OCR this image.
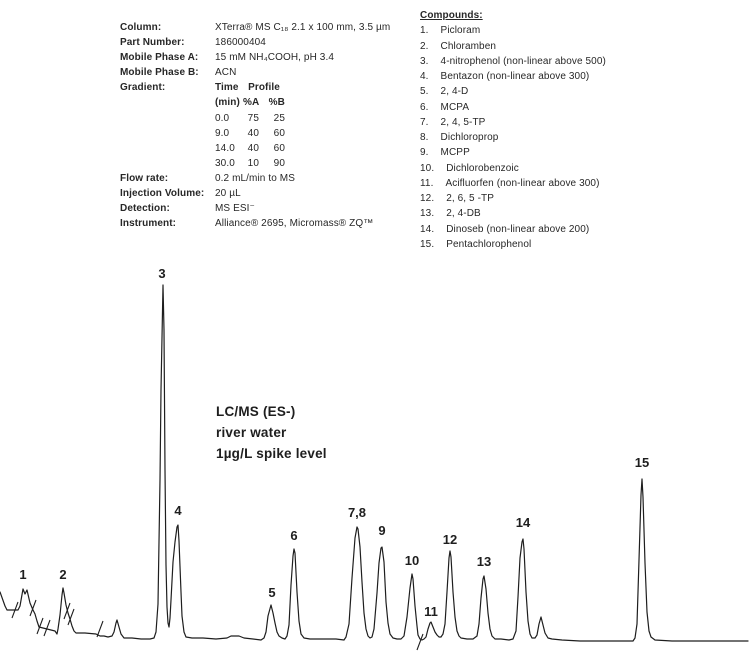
Column:	XTerra® MS C₁₈ 2.1 x 100 mm, 3.5 µm
Part Number:	186000404
Mobile Phase A:	15 mM NH₄COOH, pH 3.4
Mobile Phase B:	ACN
Gradient:	Time Profile
(min) %A %B
0.0	75	25
9.0	40	60
14.0	40	60
30.0	10	90
Flow rate:	0.2 mL/min to MS
Injection Volume:	20 µL
Detection:	MS ESI⁻
Instrument:	Alliance® 2695, Micromass® ZQ™
Compounds:
1. Picloram
2. Chloramben
3. 4-nitrophenol (non-linear above 500)
4. Bentazon (non-linear above 300)
5. 2, 4-D
6. MCPA
7. 2, 4, 5-TP
8. Dichloroprop
9. MCPP
10. Dichlorobenzoic
11. Acifluorfen (non-linear above 300)
12. 2, 6, 5 -TP
13. 2, 4-DB
14. Dinoseb (non-linear above 200)
15. Pentachlorophenol
1	2
3
4
5
6
7,8
9
10
11
12
13
14
15
LC/MS (ES-)
river water
1µg/L spike level
